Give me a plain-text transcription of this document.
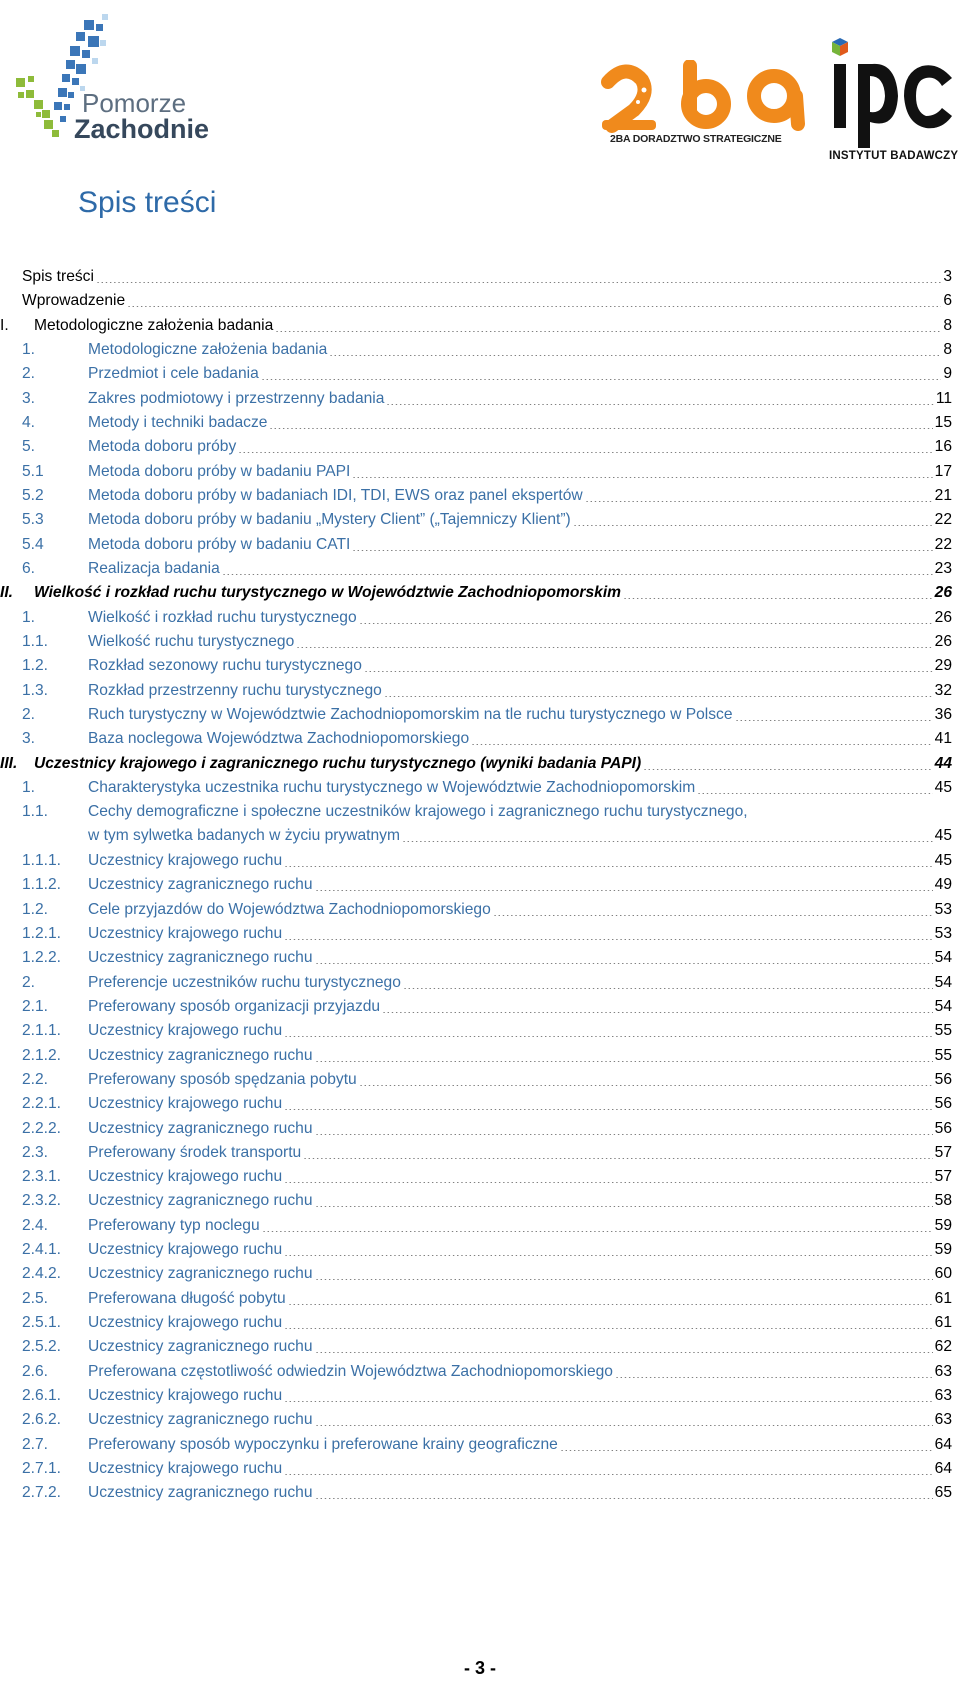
Pomorze
Zachodnie	2BA DORADZTWO STRATEGICZNE
INSTYTUT BADAWCZY
Spis treści
Spis treści	3
Wprowadzenie	6
I.	Metodologiczne założenia badania	8
1.	Metodologiczne założenia badania	8
2.	Przedmiot i cele badania	9
3.	Zakres podmiotowy i przestrzenny badania	11
4.	Metody i techniki badacze	15
5.	Metoda doboru próby	16
5.1	Metoda doboru próby w badaniu PAPI	17
5.2	Metoda doboru próby w badaniach IDI, TDI, EWS oraz panel ekspertów	21
5.3	Metoda doboru próby w badaniu „Mystery Client” („Tajemniczy Klient”)	22
5.4	Metoda doboru próby w badaniu CATI	22
6.	Realizacja badania	23
II.	Wielkość i rozkład ruchu turystycznego w Województwie Zachodniopomorskim	26
1.	Wielkość i rozkład ruchu turystycznego	26
1.1.	Wielkość ruchu turystycznego	26
1.2.	Rozkład sezonowy ruchu turystycznego	29
1.3.	Rozkład przestrzenny ruchu turystycznego	32
2.	Ruch turystyczny w Województwie Zachodniopomorskim na tle ruchu turystycznego w Polsce	36
3.	Baza noclegowa Województwa Zachodniopomorskiego	41
III.	Uczestnicy krajowego i zagranicznego ruchu turystycznego (wyniki badania PAPI)	44
1.	Charakterystyka uczestnika ruchu turystycznego w Województwie Zachodniopomorskim	45
1.1.	Cechy demograficzne i społeczne uczestników krajowego i zagranicznego ruchu turystycznego,
w tym sylwetka badanych w życiu prywatnym	45
1.1.1.	Uczestnicy krajowego ruchu	45
1.1.2.	Uczestnicy zagranicznego ruchu	49
1.2.	Cele przyjazdów do Województwa Zachodniopomorskiego	53
1.2.1.	Uczestnicy krajowego ruchu	53
1.2.2.	Uczestnicy zagranicznego ruchu	54
2.	Preferencje uczestników ruchu turystycznego	54
2.1.	Preferowany sposób organizacji przyjazdu	54
2.1.1.	Uczestnicy krajowego ruchu	55
2.1.2.	Uczestnicy zagranicznego ruchu	55
2.2.	Preferowany sposób spędzania pobytu	56
2.2.1.	Uczestnicy krajowego ruchu	56
2.2.2.	Uczestnicy zagranicznego ruchu	56
2.3.	Preferowany środek transportu	57
2.3.1.	Uczestnicy krajowego ruchu	57
2.3.2.	Uczestnicy zagranicznego ruchu	58
2.4.	Preferowany typ noclegu	59
2.4.1.	Uczestnicy krajowego ruchu	59
2.4.2.	Uczestnicy zagranicznego ruchu	60
2.5.	Preferowana długość pobytu	61
2.5.1.	Uczestnicy krajowego ruchu	61
2.5.2.	Uczestnicy zagranicznego ruchu	62
2.6.	Preferowana częstotliwość odwiedzin Województwa Zachodniopomorskiego	63
2.6.1.	Uczestnicy krajowego ruchu	63
2.6.2.	Uczestnicy zagranicznego ruchu	63
2.7.	Preferowany sposób wypoczynku i preferowane krainy geograficzne	64
2.7.1.	Uczestnicy krajowego ruchu	64
2.7.2.	Uczestnicy zagranicznego ruchu	65
- 3 -
